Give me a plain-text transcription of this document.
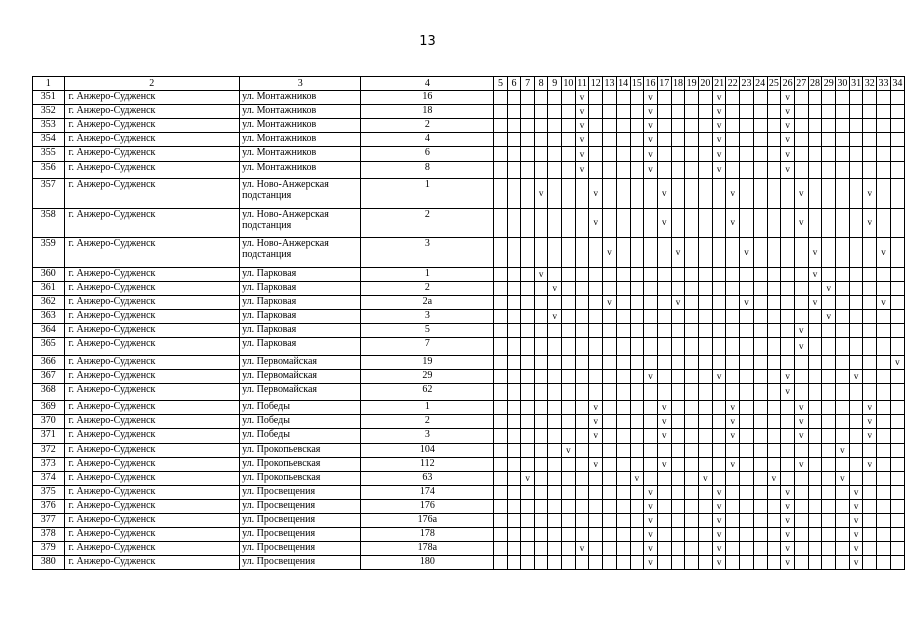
13
1	2	3	4	5	6	7	8	9	10	11	12	13	14	15	16	17	18	19	20	21	22	23	24	25	26	27	28	29	30	31	32	33	34
351	г. Анжеро-Судженск	ул. Монтажников	16							v					v					v					v								
352	г. Анжеро-Судженск	ул. Монтажников	18							v					v					v					v								
353	г. Анжеро-Судженск	ул. Монтажников	2							v					v					v					v								
354	г. Анжеро-Судженск	ул. Монтажников	4							v					v					v					v								
355	г. Анжеро-Судженск	ул. Монтажников	6							v					v					v					v								
356	г. Анжеро-Судженск	ул. Монтажников	8							v					v					v					v								
357	г. Анжеро-Судженск	ул. Ново-Анжерская подстанция	1				v				v					v					v					v					v		
358	г. Анжеро-Судженск	ул. Ново-Анжерская подстанция	2								v					v					v					v					v		
359	г. Анжеро-Судженск	ул. Ново-Анжерская подстанция	3									v					v					v					v					v	
360	г. Анжеро-Судженск	ул. Парковая	1				v																				v						
361	г. Анжеро-Судженск	ул. Парковая	2					v																				v					
362	г. Анжеро-Судженск	ул. Парковая	2а									v					v					v					v					v	
363	г. Анжеро-Судженск	ул. Парковая	3					v																				v					
364	г. Анжеро-Судженск	ул. Парковая	5																							v							
365	г. Анжеро-Судженск	ул. Парковая	7																							v							
366	г. Анжеро-Судженск	ул. Первомайская	19																														v
367	г. Анжеро-Судженск	ул. Первомайская	29												v					v					v					v			
368	г. Анжеро-Судженск	ул. Первомайская	62																						v								
369	г. Анжеро-Судженск	ул. Победы	1								v					v					v					v					v		
370	г. Анжеро-Судженск	ул. Победы	2								v					v					v					v					v		
371	г. Анжеро-Судженск	ул. Победы	3								v					v					v					v					v		
372	г. Анжеро-Судженск	ул. Прокопьевская	104						v																				v				
373	г. Анжеро-Судженск	ул. Прокопьевская	112								v					v					v					v					v		
374	г. Анжеро-Судженск	ул. Прокопьевская	63			v								v					v					v					v				
375	г. Анжеро-Судженск	ул. Просвещения	174												v					v					v					v			
376	г. Анжеро-Судженск	ул. Просвещения	176												v					v					v					v			
377	г. Анжеро-Судженск	ул. Просвещения	176а												v					v					v					v			
378	г. Анжеро-Судженск	ул. Просвещения	178												v					v					v					v			
379	г. Анжеро-Судженск	ул. Просвещения	178а							v					v					v					v					v			
380	г. Анжеро-Судженск	ул. Просвещения	180												v					v					v					v			
